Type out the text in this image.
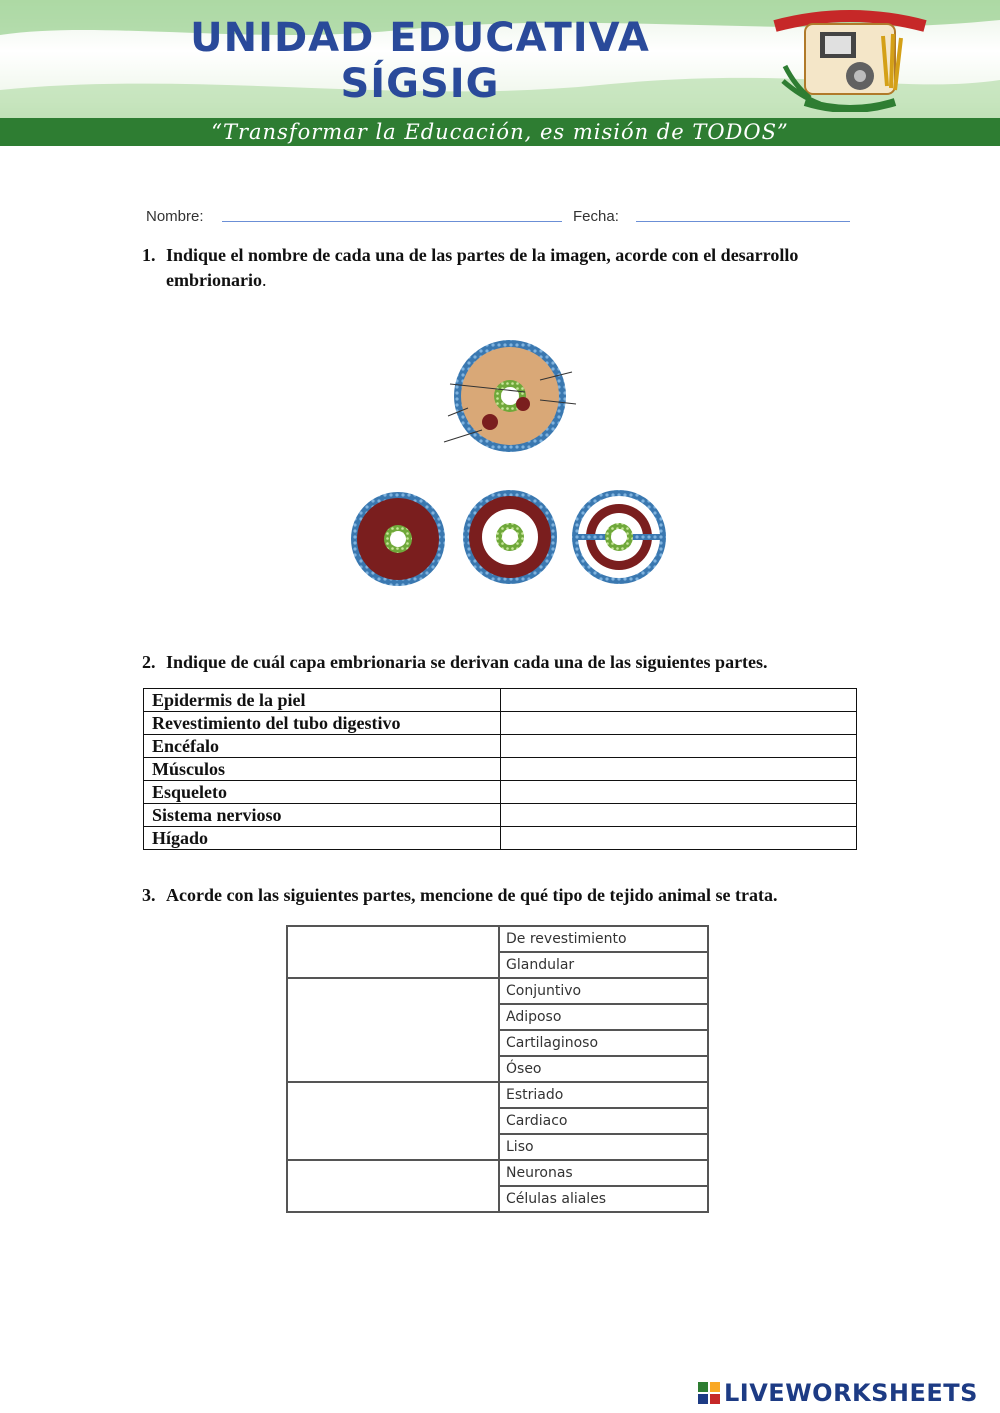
UNIDAD EDUCATIVA
SÍGSIG
“Transformar la Educación, es misión de TODOS”
Nombre:	Fecha:
1. Indique el nombre de cada una de las partes de la imagen, acorde con el desarrollo embrionario.
2. Indique de cuál capa embrionaria se derivan cada una de las siguientes partes.
Epidermis de la piel	
Revestimiento del tubo digestivo	
Encéfalo	
Músculos	
Esqueleto	
Sistema nervioso	
Hígado	
3. Acorde con las siguientes partes, mencione de qué tipo de tejido animal se trata.
	De revestimiento
	Glandular
	Conjuntivo
	Adiposo
	Cartilaginoso
	Óseo
	Estriado
	Cardiaco
	Liso
	Neuronas
	Células aliales
LIVEWORKSHEETS
